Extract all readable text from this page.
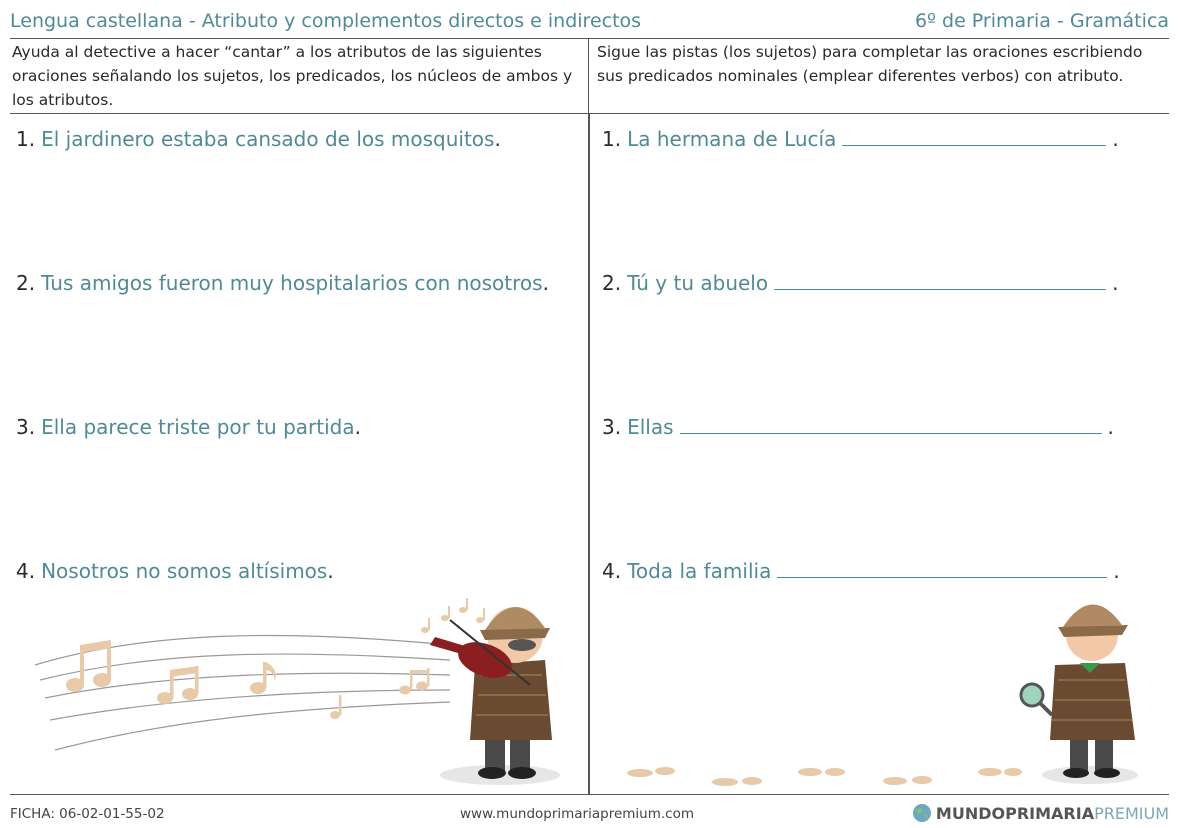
Lengua castellana - Atributo y complementos directos e indirectos	6º de Primaria - Gramática
Ayuda al detective a hacer “cantar” a los atributos de las siguientes oraciones señalando los sujetos, los predicados, los núcleos de ambos y los atributos.
Sigue las pistas (los sujetos) para completar las oraciones escribiendo sus predicados nominales (emplear diferentes verbos) con atributo.
1. El jardinero estaba cansado de los mosquitos.
2. Tus amigos fueron muy hospitalarios con nosotros.
3. Ella parece triste por tu partida.
4. Nosotros no somos altísimos.
1. La hermana de Lucía	.
2. Tú y tu abuelo	.
3. Ellas	.
4. Toda la familia	.
FICHA: 06-02-01-55-02	www.mundoprimariapremium.com	MUNDO PRIMARIA PREMIUM
